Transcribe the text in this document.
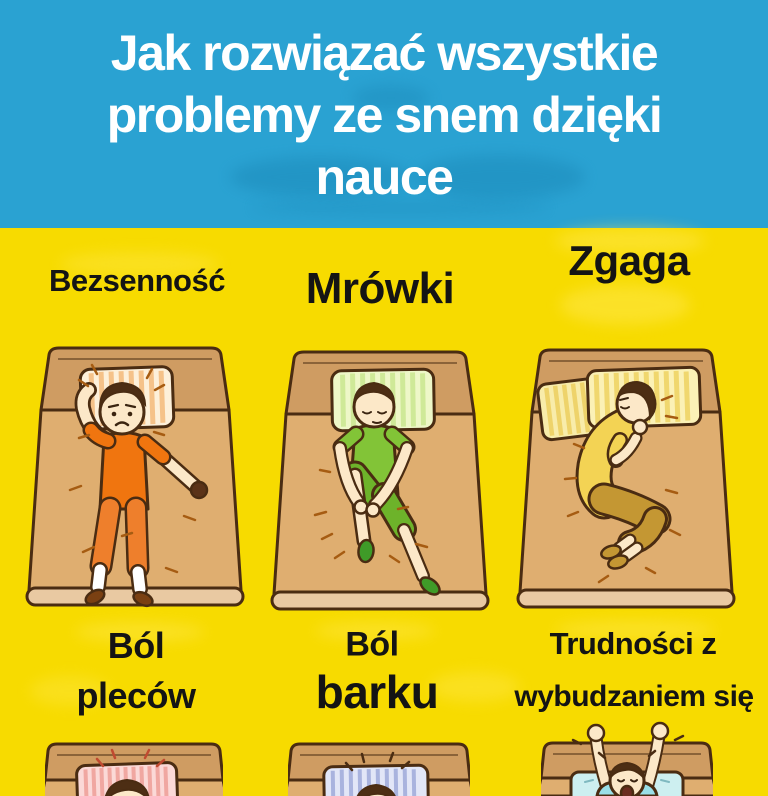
Jak rozwiązać wszystkie
problemy ze snem dzięki
nauce
Bezsenność Mrówki
Zgaga
Ból
pleców
Ból
barku
Trudności z
wybudzaniem się
